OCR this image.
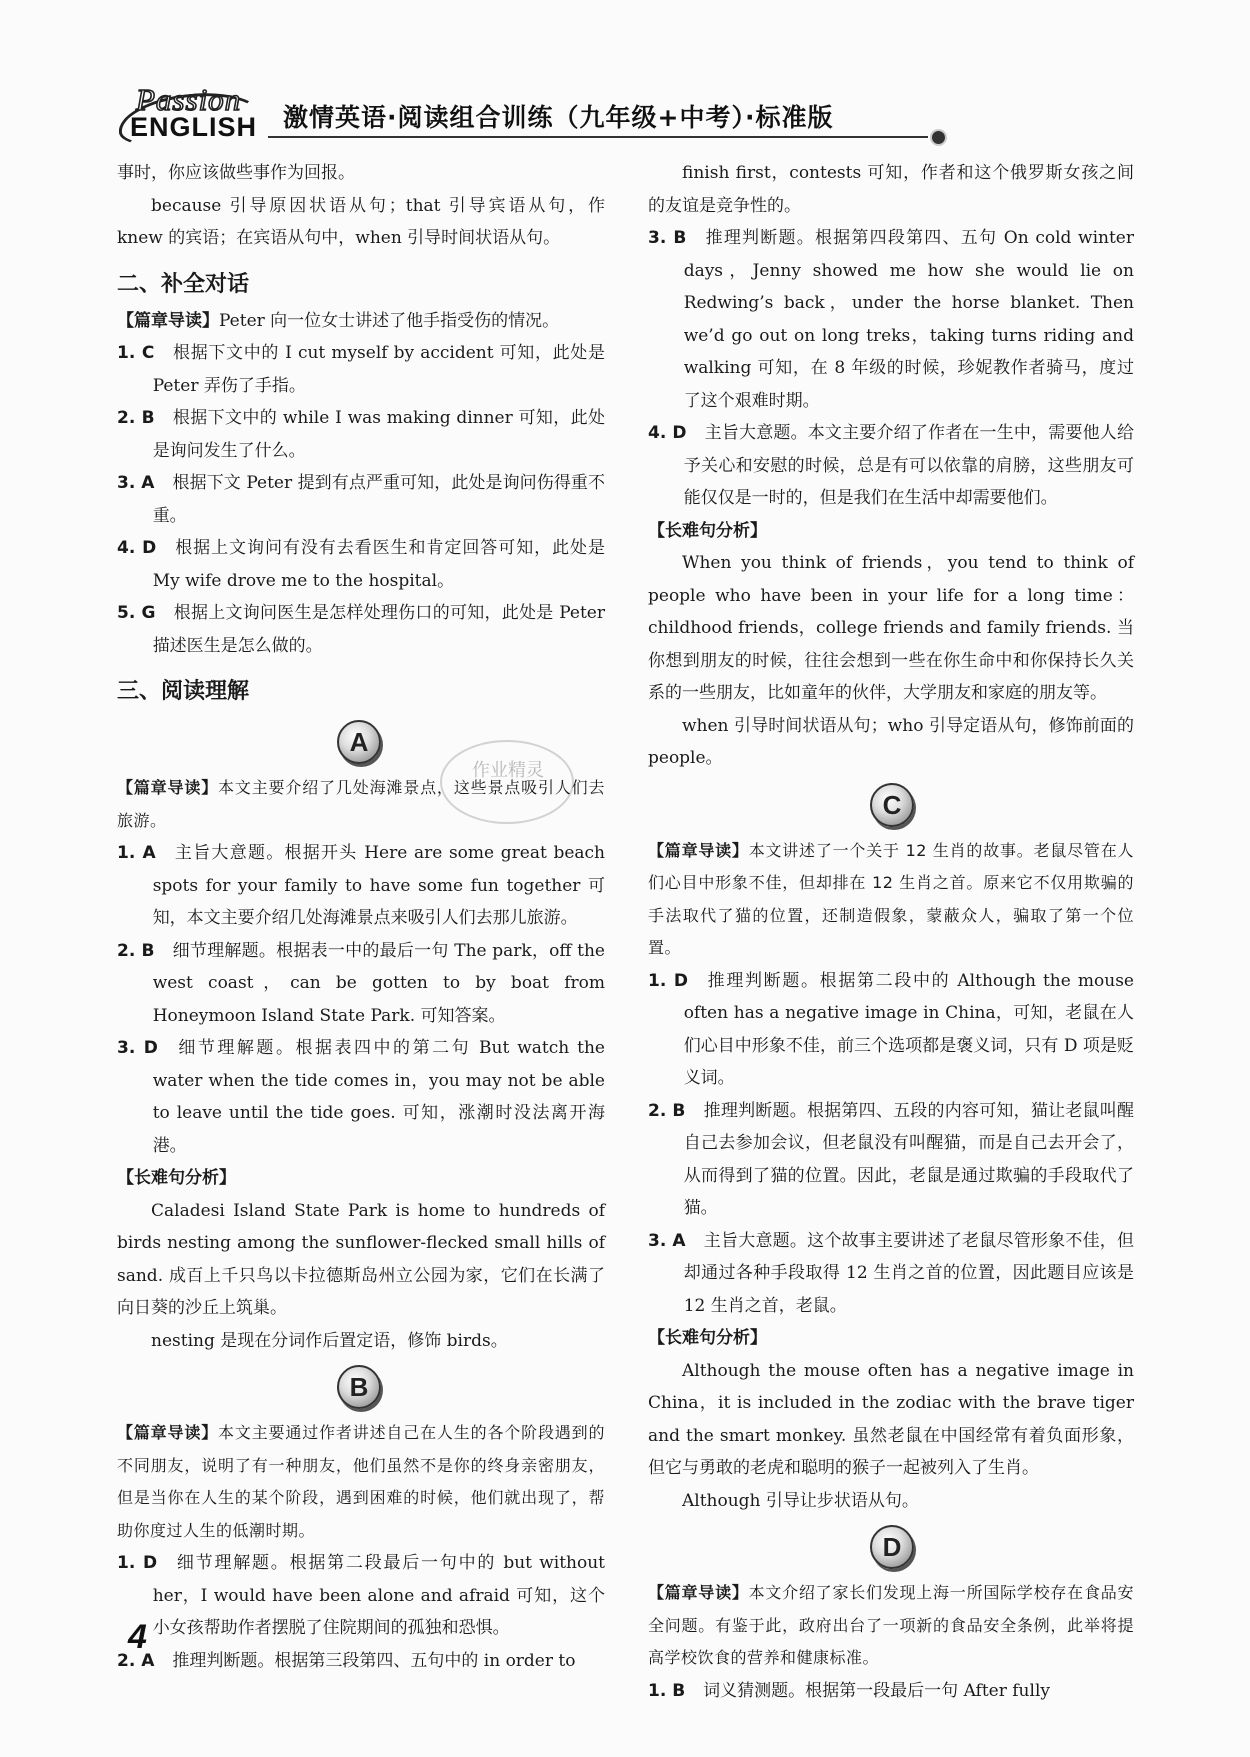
Passion
ENGLISH 激情英语·阅读组合训练（九年级+中考）·标准版
作业精灵

事时，你应该做些事作为回报。

because 引导原因状语从句；that 引导宾语从句，作 knew 的宾语；在宾语从句中，when 引导时间状语从句。

二、补全对话

【篇章导读】Peter 向一位女士讲述了他手指受伤的情况。

1. C 根据下文中的 I cut myself by accident 可知，此处是 Peter 弄伤了手指。

2. B 根据下文中的 while I was making dinner 可知，此处是询问发生了什么。

3. A 根据下文 Peter 提到有点严重可知，此处是询问伤得重不重。

4. D 根据上文询问有没有去看医生和肯定回答可知，此处是 My wife drove me to the hospital。

5. G 根据上文询问医生是怎样处理伤口的可知，此处是 Peter 描述医生是怎么做的。

三、阅读理解
A

【篇章导读】本文主要介绍了几处海滩景点，这些景点吸引人们去旅游。

1. A 主旨大意题。根据开头 Here are some great beach spots for your family to have some fun together 可知，本文主要介绍几处海滩景点来吸引人们去那儿旅游。

2. B 细节理解题。根据表一中的最后一句 The park，off the west coast，can be gotten to by boat from Honeymoon Island State Park. 可知答案。

3. D 细节理解题。根据表四中的第二句 But watch the water when the tide comes in，you may not be able to leave until the tide goes. 可知，涨潮时没法离开海港。

【长难句分析】

Caladesi Island State Park is home to hundreds of birds nesting among the sunflower-flecked small hills of sand. 成百上千只鸟以卡拉德斯岛州立公园为家，它们在长满了向日葵的沙丘上筑巢。

nesting 是现在分词作后置定语，修饰 birds。

B

【篇章导读】本文主要通过作者讲述自己在人生的各个阶段遇到的不同朋友，说明了有一种朋友，他们虽然不是你的终身亲密朋友，但是当你在人生的某个阶段，遇到困难的时候，他们就出现了，帮助你度过人生的低潮时期。

1. D 细节理解题。根据第二段最后一句中的 but without her，I would have been alone and afraid 可知，这个小女孩帮助作者摆脱了住院期间的孤独和恐惧。

2. A 推理判断题。根据第三段第四、五句中的 in order to

finish first，contests 可知，作者和这个俄罗斯女孩之间的友谊是竞争性的。

3. B 推理判断题。根据第四段第四、五句 On cold winter days，Jenny showed me how she would lie on Redwing’s back，under the horse blanket. Then we’d go out on long treks，taking turns riding and walking 可知，在 8 年级的时候，珍妮教作者骑马，度过了这个艰难时期。

4. D 主旨大意题。本文主要介绍了作者在一生中，需要他人给予关心和安慰的时候，总是有可以依靠的肩膀，这些朋友可能仅仅是一时的，但是我们在生活中却需要他们。

【长难句分析】

When you think of friends，you tend to think of people who have been in your life for a long time：childhood friends，college friends and family friends. 当你想到朋友的时候，往往会想到一些在你生命中和你保持长久关系的一些朋友，比如童年的伙伴，大学朋友和家庭的朋友等。

when 引导时间状语从句；who 引导定语从句，修饰前面的 people。

C

【篇章导读】本文讲述了一个关于 12 生肖的故事。老鼠尽管在人们心目中形象不佳，但却排在 12 生肖之首。原来它不仅用欺骗的手法取代了猫的位置，还制造假象，蒙蔽众人，骗取了第一个位置。

1. D 推理判断题。根据第二段中的 Although the mouse often has a negative image in China，可知，老鼠在人们心目中形象不佳，前三个选项都是褒义词，只有 D 项是贬义词。

2. B 推理判断题。根据第四、五段的内容可知，猫让老鼠叫醒自己去参加会议，但老鼠没有叫醒猫，而是自己去开会了，从而得到了猫的位置。因此，老鼠是通过欺骗的手段取代了猫。

3. A 主旨大意题。这个故事主要讲述了老鼠尽管形象不佳，但却通过各种手段取得 12 生肖之首的位置，因此题目应该是 12 生肖之首，老鼠。

【长难句分析】

Although the mouse often has a negative image in China，it is included in the zodiac with the brave tiger and the smart monkey. 虽然老鼠在中国经常有着负面形象，但它与勇敢的老虎和聪明的猴子一起被列入了生肖。

Although 引导让步状语从句。

D

【篇章导读】本文介绍了家长们发现上海一所国际学校存在食品安全问题。有鉴于此，政府出台了一项新的食品安全条例，此举将提高学校饮食的营养和健康标准。

1. B 词义猜测题。根据第一段最后一句 After fully

4
